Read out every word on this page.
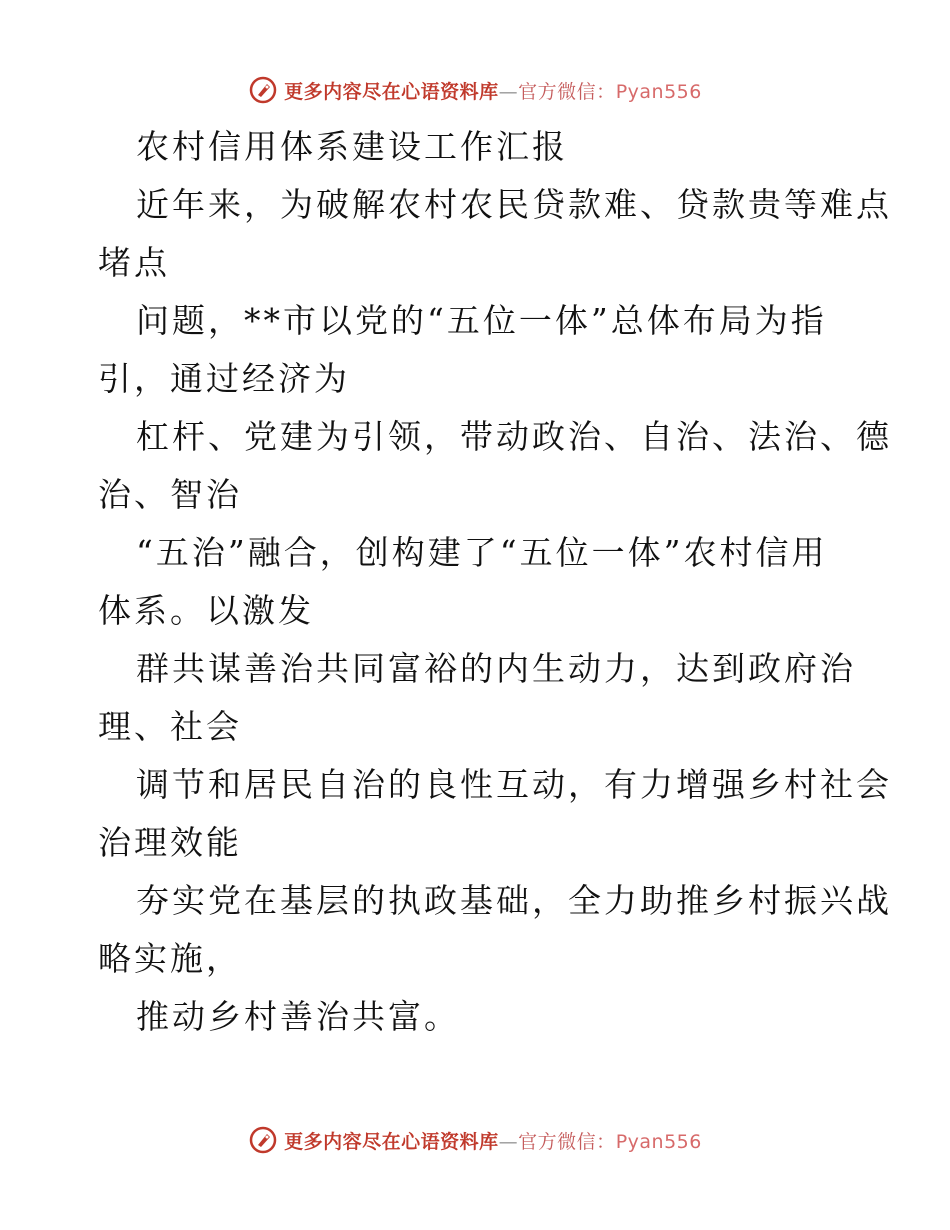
更多内容尽在心语资料库—官方微信：Pyan556
农村信用体系建设工作汇报
近年来，为破解农村农民贷款难、贷款贵等难点
堵点
问题，**市以党的“五位一体”总体布局为指
引，通过经济为
杠杆、党建为引领，带动政治、自治、法治、德
治、智治
“五治”融合，创构建了“五位一体”农村信用
体系。以激发
群共谋善治共同富裕的内生动力，达到政府治
理、社会
调节和居民自治的良性互动，有力增强乡村社会
治理效能
夯实党在基层的执政基础，全力助推乡村振兴战
略实施，
推动乡村善治共富。
更多内容尽在心语资料库—官方微信：Pyan556
